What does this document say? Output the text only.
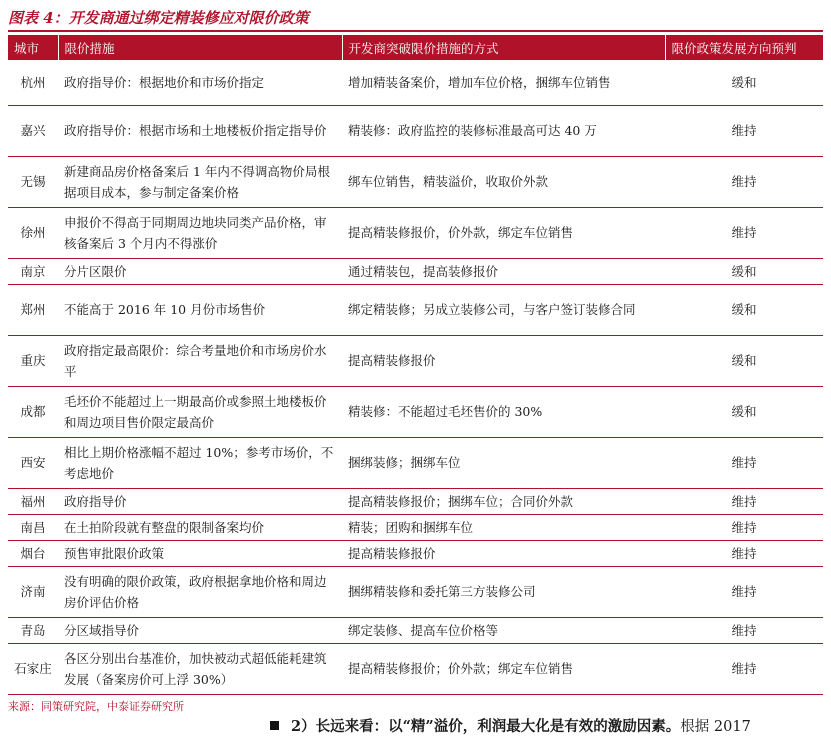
图表 4：开发商通过绑定精装修应对限价政策
城市	限价措施	开发商突破限价措施的方式	限价政策发展方向预判
杭州	政府指导价：根据地价和市场价指定	增加精装备案价，增加车位价格，捆绑车位销售	缓和
嘉兴	政府指导价：根据市场和土地楼板价指定指导价	精装修：政府监控的装修标准最高可达 40 万	维持
无锡	新建商品房价格备案后 1 年内不得调高物价局根据项目成本，参与制定备案价格	绑车位销售，精装溢价，收取价外款	维持
徐州	申报价不得高于同期周边地块同类产品价格，审核备案后 3 个月内不得涨价	提高精装修报价，价外款，绑定车位销售	维持
南京	分片区限价	通过精装包，提高装修报价	缓和
郑州	不能高于 2016 年 10 月份市场售价	绑定精装修；另成立装修公司，与客户签订装修合同	缓和
重庆	政府指定最高限价：综合考量地价和市场房价水平	提高精装修报价	缓和
成都	毛坯价不能超过上一期最高价或参照土地楼板价和周边项目售价限定最高价	精装修：不能超过毛坯售价的 30%	缓和
西安	相比上期价格涨幅不超过 10%；参考市场价，不考虑地价	捆绑装修；捆绑车位	维持
福州	政府指导价	提高精装修报价；捆绑车位；合同价外款	维持
南昌	在土拍阶段就有整盘的限制备案均价	精装；团购和捆绑车位	维持
烟台	预售审批限价政策	提高精装修报价	维持
济南	没有明确的限价政策，政府根据拿地价格和周边房价评估价格	捆绑精装修和委托第三方装修公司	维持
青岛	分区域指导价	绑定装修、提高车位价格等	维持
石家庄	各区分别出台基准价，加快被动式超低能耗建筑发展（备案房价可上浮 30%）	提高精装修报价；价外款；绑定车位销售	维持
来源：同策研究院，中泰证券研究所
2）长远来看：以“精”溢价，利润最大化是有效的激励因素。根据 2017
